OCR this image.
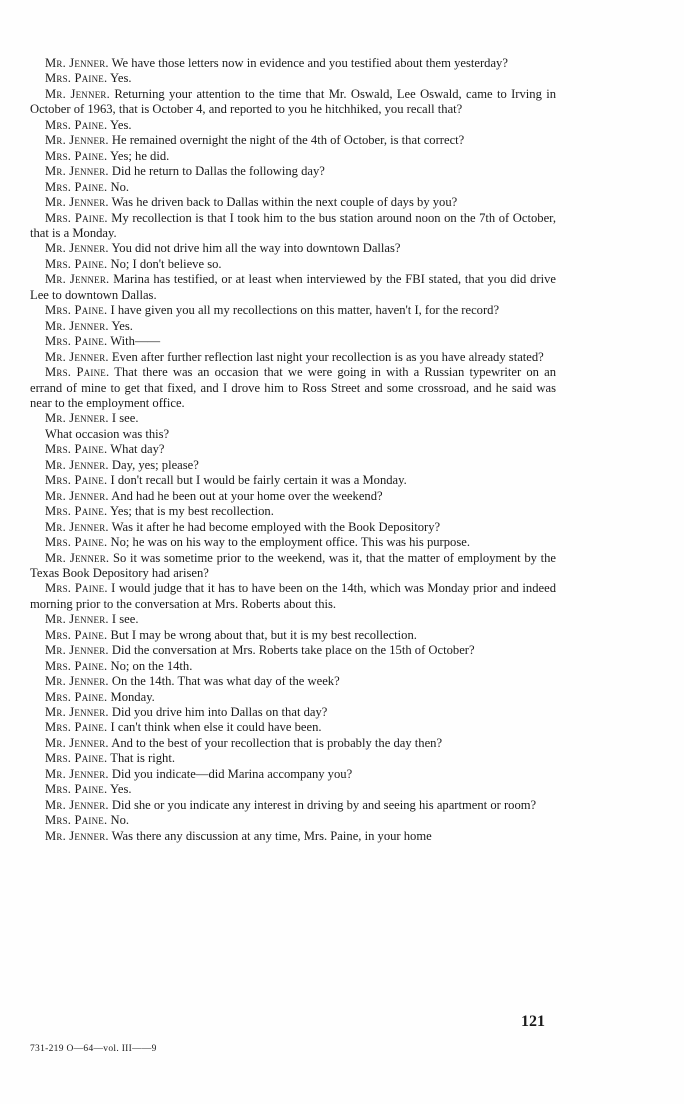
Mr. Jenner. We have those letters now in evidence and you testified about them yesterday?

Mrs. Paine. Yes.

Mr. Jenner. Returning your attention to the time that Mr. Oswald, Lee Oswald, came to Irving in October of 1963, that is October 4, and reported to you he hitchhiked, you recall that?

Mrs. Paine. Yes.

Mr. Jenner. He remained overnight the night of the 4th of October, is that correct?

Mrs. Paine. Yes; he did.

Mr. Jenner. Did he return to Dallas the following day?

Mrs. Paine. No.

Mr. Jenner. Was he driven back to Dallas within the next couple of days by you?

Mrs. Paine. My recollection is that I took him to the bus station around noon on the 7th of October, that is a Monday.

Mr. Jenner. You did not drive him all the way into downtown Dallas?

Mrs. Paine. No; I don't believe so.

Mr. Jenner. Marina has testified, or at least when interviewed by the FBI stated, that you did drive Lee to downtown Dallas.

Mrs. Paine. I have given you all my recollections on this matter, haven't I, for the record?

Mr. Jenner. Yes.

Mrs. Paine. With——

Mr. Jenner. Even after further reflection last night your recollection is as you have already stated?

Mrs. Paine. That there was an occasion that we were going in with a Russian typewriter on an errand of mine to get that fixed, and I drove him to Ross Street and some crossroad, and he said was near to the employment office.

Mr. Jenner. I see.

What occasion was this?

Mrs. Paine. What day?

Mr. Jenner. Day, yes; please?

Mrs. Paine. I don't recall but I would be fairly certain it was a Monday.

Mr. Jenner. And had he been out at your home over the weekend?

Mrs. Paine. Yes; that is my best recollection.

Mr. Jenner. Was it after he had become employed with the Book Depository?

Mrs. Paine. No; he was on his way to the employment office. This was his purpose.

Mr. Jenner. So it was sometime prior to the weekend, was it, that the matter of employment by the Texas Book Depository had arisen?

Mrs. Paine. I would judge that it has to have been on the 14th, which was Monday prior and indeed morning prior to the conversation at Mrs. Roberts about this.

Mr. Jenner. I see.

Mrs. Paine. But I may be wrong about that, but it is my best recollection.

Mr. Jenner. Did the conversation at Mrs. Roberts take place on the 15th of October?

Mrs. Paine. No; on the 14th.

Mr. Jenner. On the 14th. That was what day of the week?

Mrs. Paine. Monday.

Mr. Jenner. Did you drive him into Dallas on that day?

Mrs. Paine. I can't think when else it could have been.

Mr. Jenner. And to the best of your recollection that is probably the day then?

Mrs. Paine. That is right.

Mr. Jenner. Did you indicate—did Marina accompany you?

Mrs. Paine. Yes.

Mr. Jenner. Did she or you indicate any interest in driving by and seeing his apartment or room?

Mrs. Paine. No.

Mr. Jenner. Was there any discussion at any time, Mrs. Paine, in your home

121
731-219 O—64—vol. III——9
